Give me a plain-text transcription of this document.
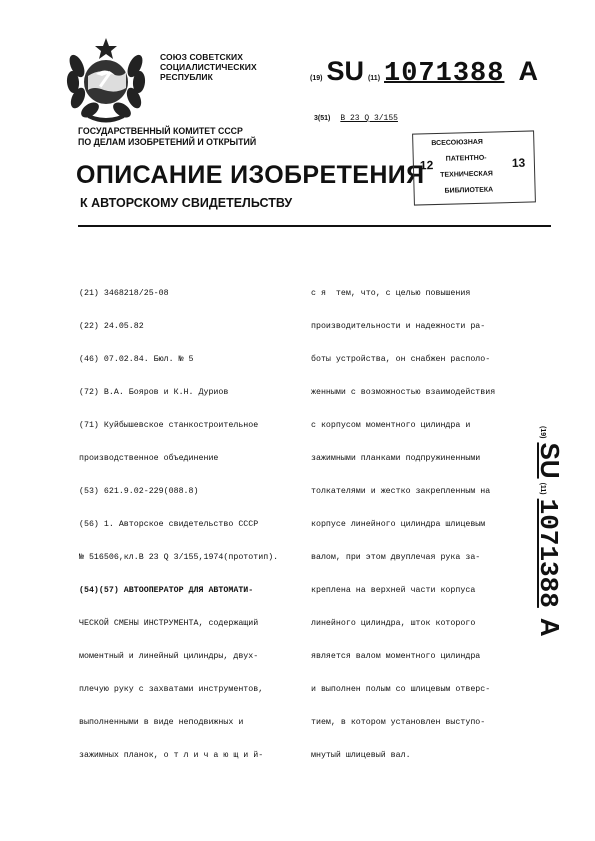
СОЮЗ СОВЕТСКИХ
СОЦИАЛИСТИЧЕСКИХ
РЕСПУБЛИК	(19) SU (11) 1071388 A
3(51) В 23 Q 3/155
ГОСУДАРСТВЕННЫЙ КОМИТЕТ СССР
ПО ДЕЛАМ ИЗОБРЕТЕНИЙ И ОТКРЫТИЙ
ОПИСАНИЕ ИЗОБРЕТЕНИЯ
К АВТОРСКОМУ СВИДЕТЕЛЬСТВУ
ВСЕСОЮЗНАЯ
ПАТЕНТНО-
ТЕХНИЧЕСКАЯ
БИБЛИОТЕКА
12	13

(21) 3468218/25-08

(22) 24.05.82

(46) 07.02.84. Бюл. № 5

(72) В.А. Бояров и К.Н. Дуриов

(71) Куйбышевское станкостроительное

производственное объединение

(53) 621.9.02-229(088.8)

(56) 1. Авторское свидетельство СССР

№ 516506,кл.В 23 Q 3/155,1974(прототип).

(54)(57) АВТООПЕРАТОР ДЛЯ АВТОМАТИ-

ЧЕСКОЙ СМЕНЫ ИНСТРУМЕНТА, содержащий

моментный и линейный цилиндры, двух-

плечую руку с захватами инструментов,

выполненными в виде неподвижных и

зажимных планок, о т л и ч а ю щ и й-

с я  тем, что, с целью повышения

производительности и надежности ра-

боты устройства, он снабжен располо-

женными с возможностью взаимодействия

с корпусом моментного цилиндра и

зажимными планками подпружиненными

толкателями и жестко закрепленным на

корпусе линейного цилиндра шлицевым

валом, при этом двуплечая рука за-

креплена на верхней части корпуса

линейного цилиндра, шток которого

является валом моментного цилиндра

и выполнен полым со шлицевым отверс-

тием, в котором установлен выступо-

мнутый шлицевый вал.

(19) SU (11) 1071388 A
